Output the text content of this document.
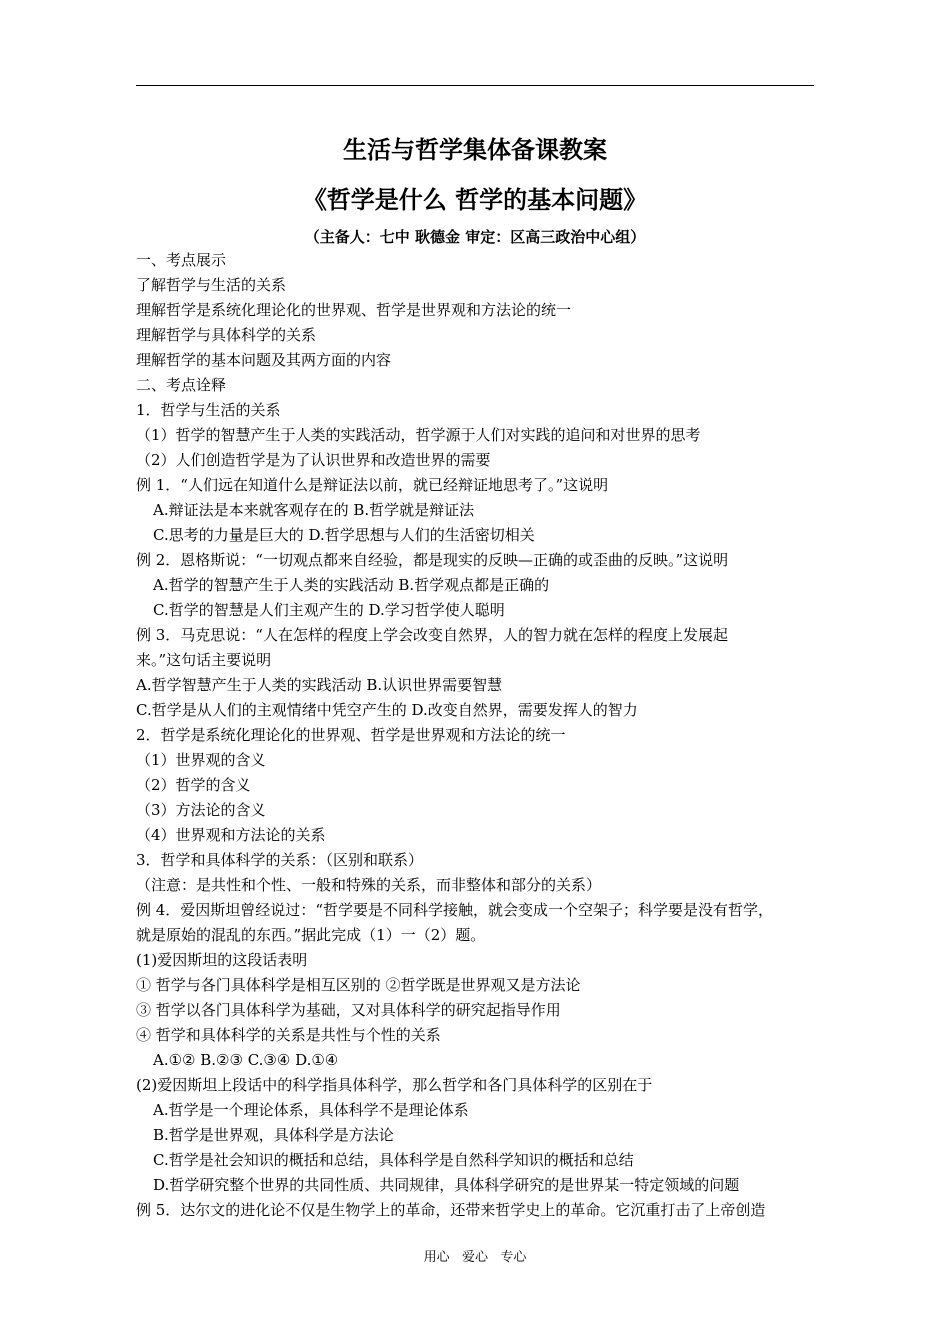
生活与哲学集体备课教案
《哲学是什么 哲学的基本问题》
（主备人：七中 耿德金 审定：区高三政治中心组）
一、考点展示
了解哲学与生活的关系
理解哲学是系统化理论化的世界观、哲学是世界观和方法论的统一
理解哲学与具体科学的关系
理解哲学的基本问题及其两方面的内容
二、考点诠释
1．哲学与生活的关系
（1）哲学的智慧产生于人类的实践活动，哲学源于人们对实践的追问和对世界的思考
（2）人们创造哲学是为了认识世界和改造世界的需要
例 1．“人们远在知道什么是辩证法以前，就已经辩证地思考了。”这说明
A.辩证法是本来就客观存在的 B.哲学就是辩证法
C.思考的力量是巨大的 D.哲学思想与人们的生活密切相关
例 2．恩格斯说：“一切观点都来自经验，都是现实的反映—正确的或歪曲的反映。”这说明
A.哲学的智慧产生于人类的实践活动 B.哲学观点都是正确的
C.哲学的智慧是人们主观产生的 D.学习哲学使人聪明
例 3．马克思说：“人在怎样的程度上学会改变自然界，人的智力就在怎样的程度上发展起
来。”这句话主要说明
A.哲学智慧产生于人类的实践活动 B.认识世界需要智慧
C.哲学是从人们的主观情绪中凭空产生的 D.改变自然界，需要发挥人的智力
2．哲学是系统化理论化的世界观、哲学是世界观和方法论的统一
（1）世界观的含义
（2）哲学的含义
（3）方法论的含义
（4）世界观和方法论的关系
3．哲学和具体科学的关系：（区别和联系）
（注意：是共性和个性、一般和特殊的关系，而非整体和部分的关系）
例 4．爱因斯坦曾经说过：“哲学要是不同科学接触，就会变成一个空架子；科学要是没有哲学，
就是原始的混乱的东西。”据此完成（1）一（2）题。
(1)爱因斯坦的这段话表明
① 哲学与各门具体科学是相互区别的 ②哲学既是世界观又是方法论
③ 哲学以各门具体科学为基础，又对具体科学的研究起指导作用
④ 哲学和具体科学的关系是共性与个性的关系
A.①② B.②③ C.③④ D.①④
(2)爱因斯坦上段话中的科学指具体科学，那么哲学和各门具体科学的区别在于
A.哲学是一个理论体系，具体科学不是理论体系
B.哲学是世界观，具体科学是方法论
C.哲学是社会知识的概括和总结，具体科学是自然科学知识的概括和总结
D.哲学研究整个世界的共同性质、共同规律，具体科学研究的是世界某一特定领域的问题
例 5．达尔文的进化论不仅是生物学上的革命，还带来哲学史上的革命。它沉重打击了上帝创造
用心   爱心   专心
